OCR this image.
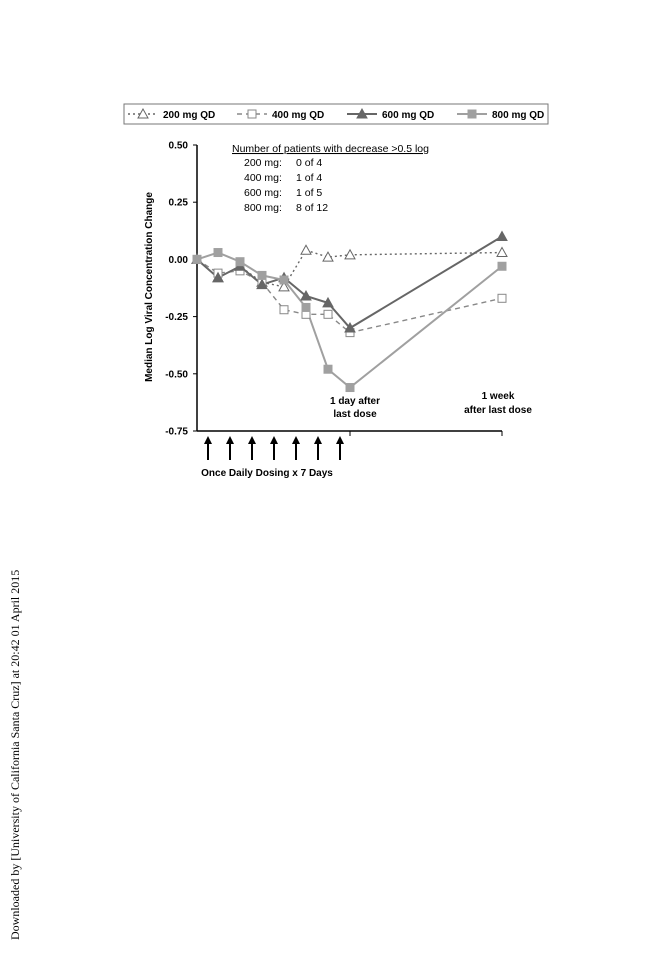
Downloaded by [University of California Santa Cruz] at 20:42 01 April 2015
200 mg QD	400 mg QD	600 mg QD	800 mg QD
0.50
0.25
0.00
-0.25
-0.50
-0.75
Median Log Viral Concentration Change
Number of patients with decrease >0.5 log
200 mg: 0 of 4
400 mg: 1 of 4
600 mg: 1 of 5
800 mg: 8 of 12
1 day after
last dose
1 week
after last dose
Once Daily Dosing x 7 Days
